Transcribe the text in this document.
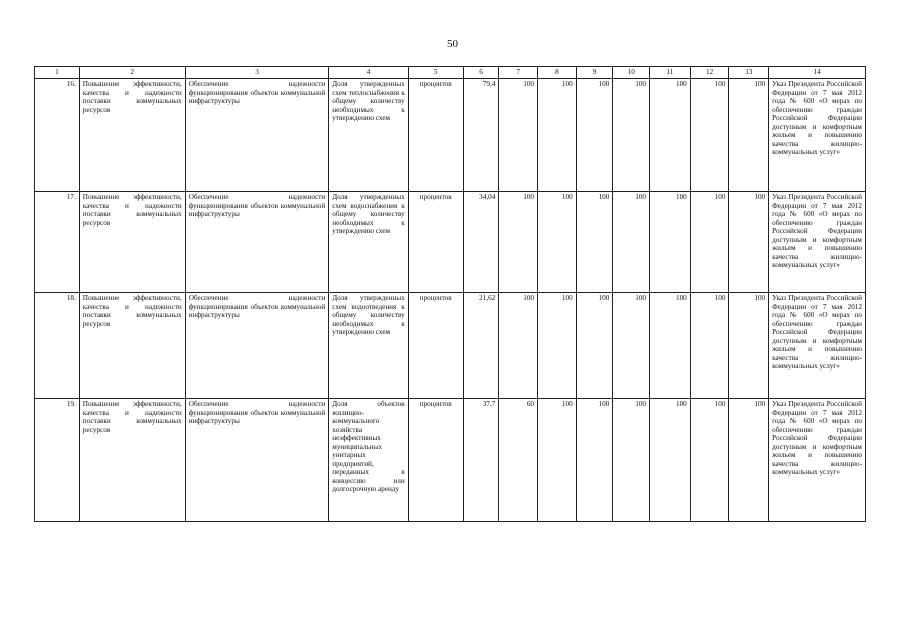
50
1	2	3	4	5	6	7	8	9	10	11	12	13	14
16.	Повышение эффективности, качества и надежности поставки коммунальных ресурсов	Обеспечение надежности функционирования объектов коммунальной инфраструктуры	Доля утвержденных схем теплоснабжения к общему количеству необходимых к утверждению схем	процентов	79,4	100	100	100	100	100	100	100	Указ Президента Российской Федерации от 7 мая 2012 года № 600 «О мерах по обеспечению граждан Российской Федерации доступным и комфортным жильем и повышению качества жилищно-коммунальных услуг»
17.	Повышение эффективности, качества и надежности поставки коммунальных ресурсов	Обеспечение надежности функционирования объектов коммунальной инфраструктуры	Доля утвержденных схем водоснабжения к общему количеству необходимых к утверждению схем	процентов	34,04	100	100	100	100	100	100	100	Указ Президента Российской Федерации от 7 мая 2012 года № 600 «О мерах по обеспечению граждан Российской Федерации доступным и комфортным жильем и повышению качества жилищно-коммунальных услуг»
18.	Повышение эффективности, качества и надежности поставки коммунальных ресурсов	Обеспечение надежности функционирования объектов коммунальной инфраструктуры	Доля утвержденных схем водоотведения к общему количеству необходимых к утверждению схем	процентов	21,62	100	100	100	100	100	100	100	Указ Президента Российской Федерации от 7 мая 2012 года № 600 «О мерах по обеспечению граждан Российской Федерации доступным и комфортным жильем и повышению качества жилищно-коммунальных услуг»
19.	Повышение эффективности, качества и надежности поставки коммунальных ресурсов	Обеспечение надежности функционирования объектов коммунальной инфраструктуры	Доля объектов жилищно-коммунального хозяйства неэффективных муниципальных унитарных предприятий, переданных в концессию или долгосрочную аренду	процентов	37,7	60	100	100	100	100	100	100	Указ Президента Российской Федерации от 7 мая 2012 года № 600 «О мерах по обеспечению граждан Российской Федерации доступным и комфортным жильем и повышению качества жилищно-коммунальных услуг»
